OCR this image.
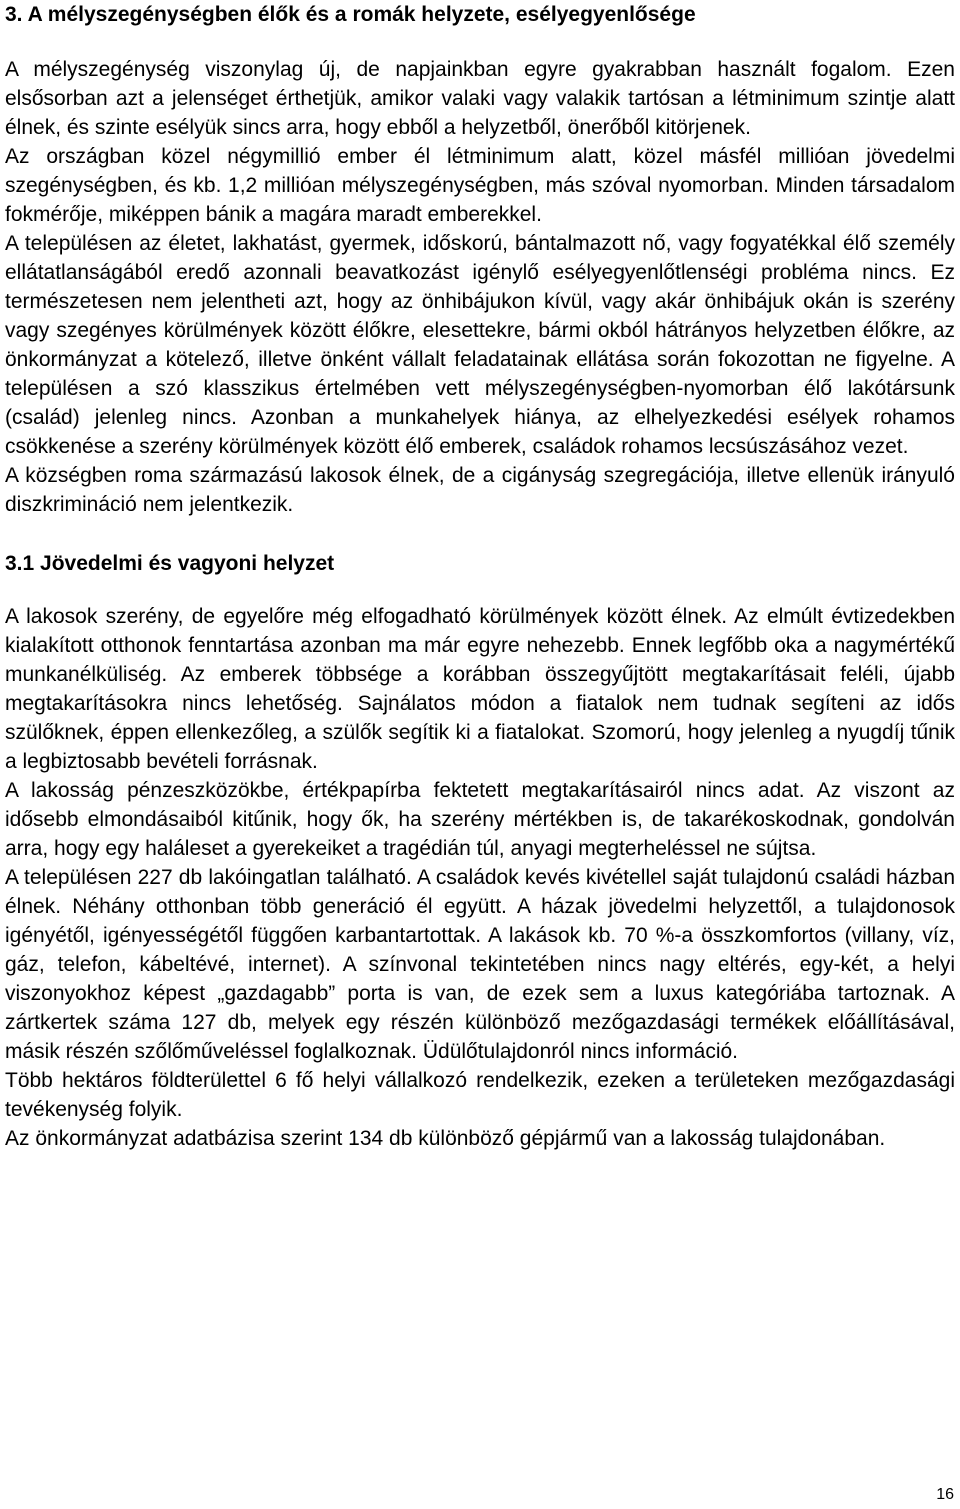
3. A mélyszegénységben élők és a romák helyzete, esélyegyenlősége

A mélyszegénység viszonylag új, de napjainkban egyre gyakrabban használt fogalom. Ezen elsősorban azt a jelenséget érthetjük, amikor valaki vagy valakik tartósan a létminimum szintje alatt élnek, és szinte esélyük sincs arra, hogy ebből a helyzetből, önerőből kitörjenek.

Az országban közel négymillió ember él létminimum alatt, közel másfél millióan jövedelmi szegénységben, és kb. 1,2 millióan mélyszegénységben, más szóval nyomorban. Minden társadalom fokmérője, miképpen bánik a magára maradt emberekkel.

A településen az életet, lakhatást, gyermek, időskorú, bántalmazott nő, vagy fogyatékkal élő személy ellátatlanságából eredő azonnali beavatkozást igénylő esélyegyenlőtlenségi probléma nincs. Ez természetesen nem jelentheti azt, hogy az önhibájukon kívül, vagy akár önhibájuk okán is szerény vagy szegényes körülmények között élőkre, elesettekre, bármi okból hátrányos helyzetben élőkre, az önkormányzat a kötelező, illetve önként vállalt feladatainak ellátása során fokozottan ne figyelne. A településen a szó klasszikus értelmében vett mélyszegénységben-nyomorban élő lakótársunk (család) jelenleg nincs. Azonban a munkahelyek hiánya, az elhelyezkedési esélyek rohamos csökkenése a szerény körülmények között élő emberek, családok rohamos lecsúszásához vezet.

A községben roma származású lakosok élnek, de a cigányság szegregációja, illetve ellenük irányuló diszkrimináció nem jelentkezik.

3.1 Jövedelmi és vagyoni helyzet

A lakosok szerény, de egyelőre még elfogadható körülmények között élnek. Az elmúlt évtizedekben kialakított otthonok fenntartása azonban ma már egyre nehezebb. Ennek legfőbb oka a nagymértékű munkanélküliség. Az emberek többsége a korábban összegyűjtött megtakarításait feléli, újabb megtakarításokra nincs lehetőség. Sajnálatos módon a fiatalok nem tudnak segíteni az idős szülőknek, éppen ellenkezőleg, a szülők segítik ki a fiatalokat. Szomorú, hogy jelenleg a nyugdíj tűnik a legbiztosabb bevételi forrásnak.

A lakosság pénzeszközökbe, értékpapírba fektetett megtakarításairól nincs adat. Az viszont az idősebb elmondásaiból kitűnik, hogy ők, ha szerény mértékben is, de takarékoskodnak, gondolván arra, hogy egy haláleset a gyerekeiket a tragédián túl, anyagi megterheléssel ne sújtsa.

A településen 227 db lakóingatlan található. A családok kevés kivétellel saját tulajdonú családi házban élnek. Néhány otthonban több generáció él együtt. A házak jövedelmi helyzettől, a tulajdonosok igényétől, igényességétől függően karbantartottak. A lakások kb. 70 %-a összkomfortos (villany, víz, gáz, telefon, kábeltévé, internet). A színvonal tekintetében nincs nagy eltérés, egy-két, a helyi viszonyokhoz képest „gazdagabb” porta is van, de ezek sem a luxus kategóriába tartoznak. A zártkertek száma 127 db, melyek egy részén különböző mezőgazdasági termékek előállításával, másik részén szőlőműveléssel foglalkoznak. Üdülőtulajdonról nincs információ.

Több hektáros földterülettel 6 fő helyi vállalkozó rendelkezik, ezeken a területeken mezőgazdasági tevékenység folyik.

Az önkormányzat adatbázisa szerint 134 db különböző gépjármű van a lakosság tulajdonában.

16
